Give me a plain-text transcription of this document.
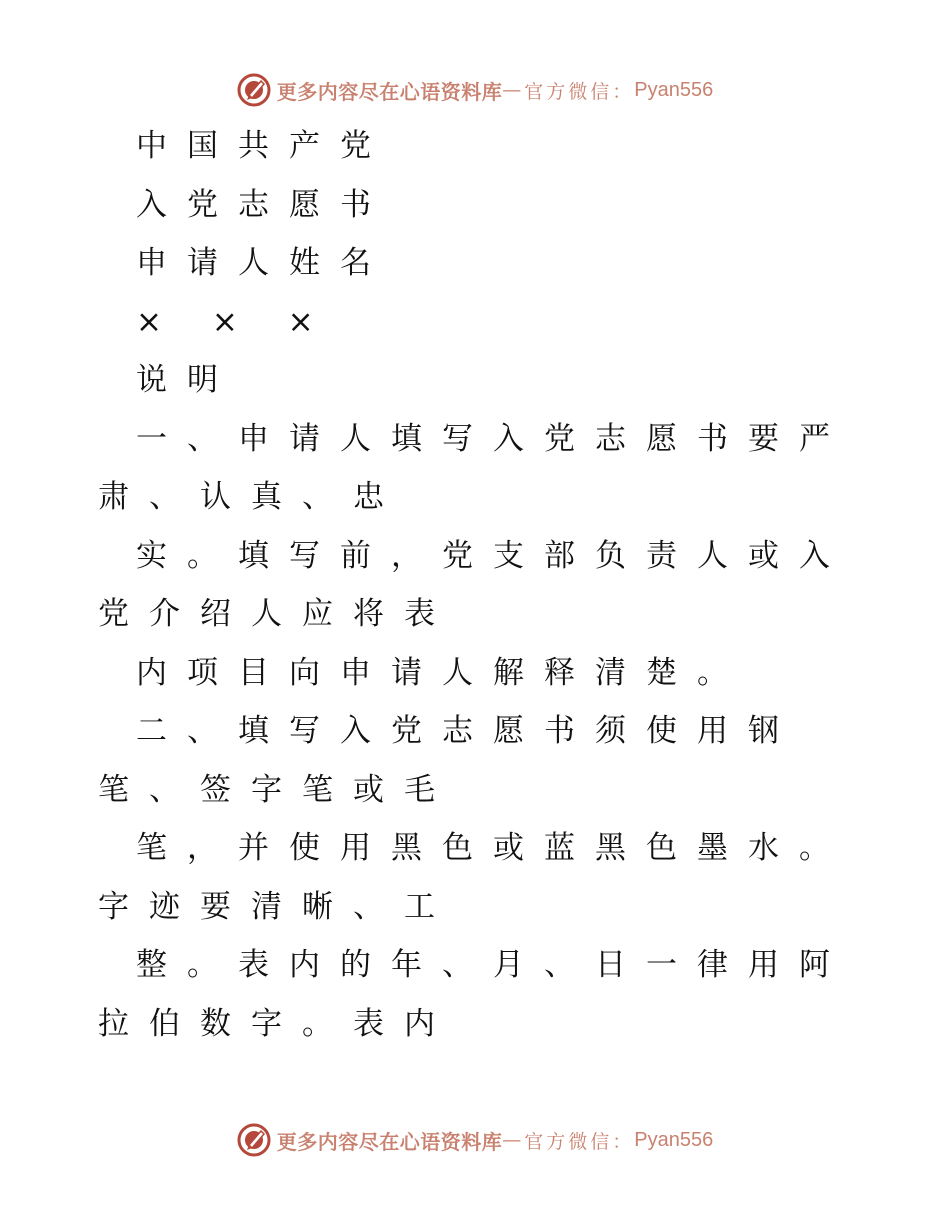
更多内容尽在心语资料库 — 官方微信： Pyan556
中国共产党
入党志愿书
申请人姓名
× × ×
说明
一、申请人填写入党志愿书要严
肃、认真、忠
实。填写前，党支部负责人或入
党介绍人应将表
内项目向申请人解释清楚。
二、填写入党志愿书须使用钢
笔、签字笔或毛
笔，并使用黑色或蓝黑色墨水。
字迹要清晰、工
整。表内的年、月、日一律用阿
拉伯数字。表内
更多内容尽在心语资料库 — 官方微信： Pyan556
